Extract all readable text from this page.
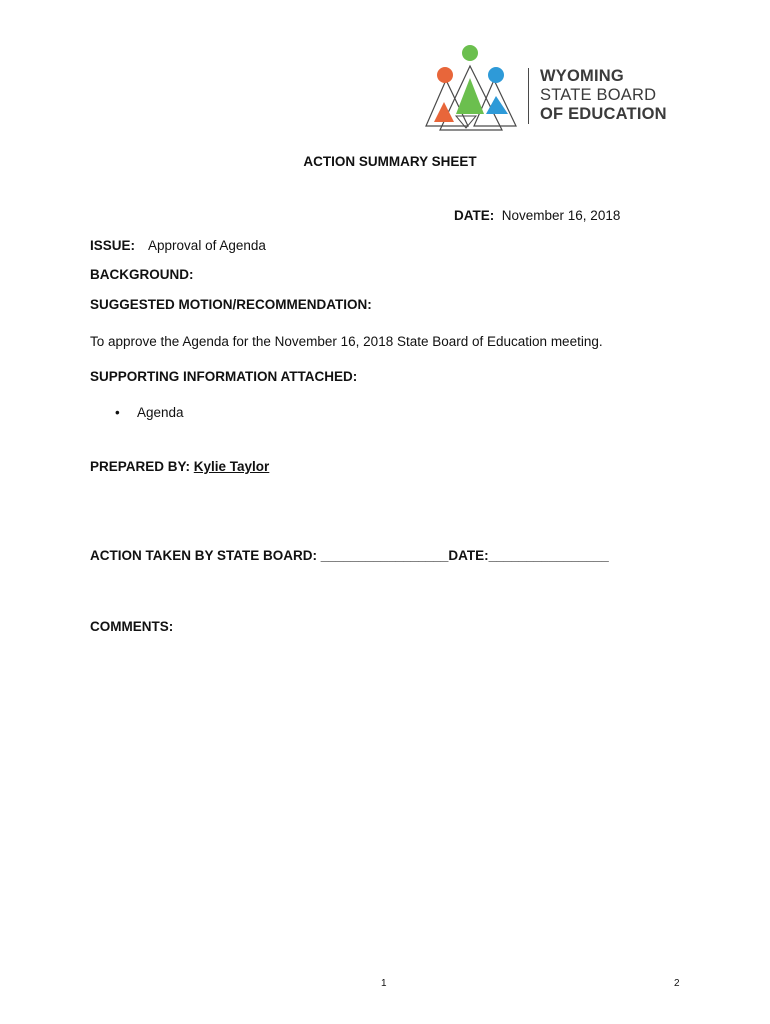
WYOMING
STATE BOARD
OF EDUCATION
ACTION SUMMARY SHEET
DATE: November 16, 2018
ISSUE: Approval of Agenda
BACKGROUND:
SUGGESTED MOTION/RECOMMENDATION:
To approve the Agenda for the November 16, 2018 State Board of Education meeting.
SUPPORTING INFORMATION ATTACHED:
• Agenda
PREPARED BY: Kylie Taylor
ACTION TAKEN BY STATE BOARD: _________________DATE:________________
COMMENTS:
1	2
